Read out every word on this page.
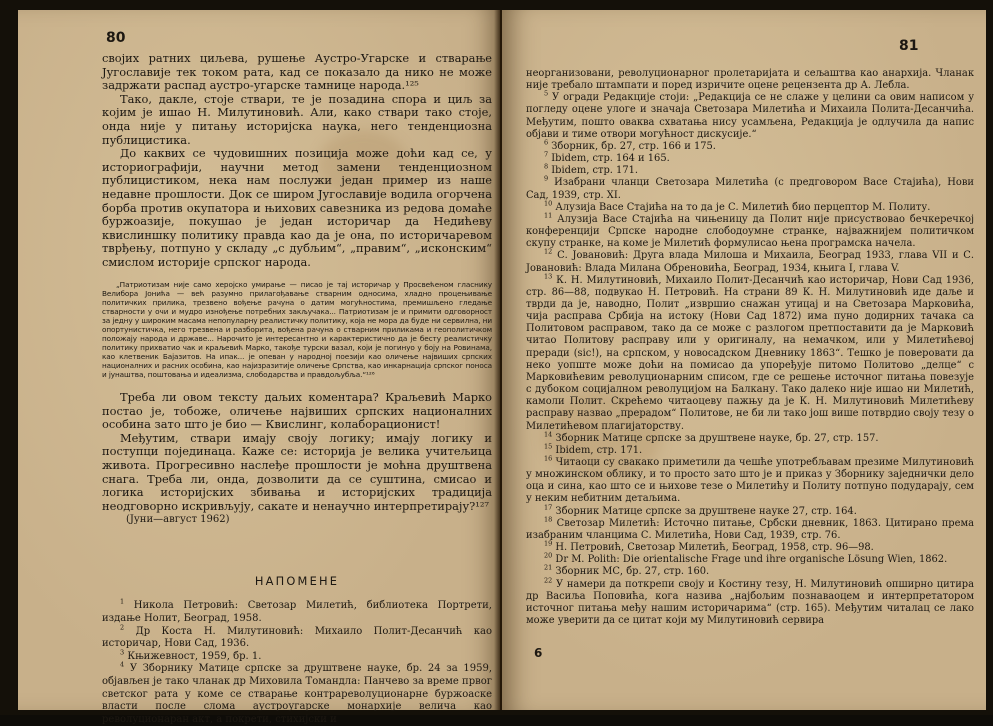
80

својих ратних циљева, рушење Аустро-Угарске и стварање Југославије тек током рата, кад се показало да нико не може задржати распад аустро-угарске тамнице народа.¹²⁵

Тако, дакле, стоје ствари, те је позадина спора и циљ за којим је ишао Н. Милутиновић. Али, како ствари тако стоје, онда није у питању историјска наука, него тенденциозна публицистика.

До каквих се чудовишних позиција може доћи кад се, у историографији, научни метод замени тенденциозном публицистиком, нека нам послужи један пример из наше недавне прошлости. Док се широм Југославије водила огорчена борба против окупатора и њихових савезника из редова домаће буржоазије, покушао је један историчар да Недићеву квислиншку политику правда као да је она, по историчаревом тврђењу, потпуно у складу „с дубљим“, „правим“, „исконским“ смислом историје српског народа.

„Патриотизам није само херојско умирање — писао је тај историчар у Просвећеном гласнику Велибора Јонића — већ разумно прилагођавање стварним односима, хладно процењивање политичких прилика, трезвено вођење рачуна о датим могућностима, премишљено гледање стварности у очи и мудро изнођење потребних закључака... Патриотизам је и примити одговорност за једну у широким масама непопуларну реалистичку политику, која не мора да буде ни сервилна, ни опортунистичка, него трезвена и разборита, вођена рачуна о стварним приликама и геополитичком положају народа и државе... Нарочито је интересантно и карактеристично да је бесту реалистичку политику прихватио чак и краљевић Марко, такође турски вазал, који је погинуо у боју на Ровинама, као клетвеник Бајазитов. На ипак... је опеван у народној поезији као оличење највиших српских националних и расних особина, као најизразитије оличење Српства, као инкарнација српског поноса и јунаштва, поштовања и идеализма, слободарства и правдољубља.“¹²⁶

Треба ли овом тексту даљих коментара? Краљевић Марко постао је, тобоже, оличење највиших српских националних особина зато што је био — Квислинг, колаборационист!

Међутим, ствари имају своју логику; имају логику и поступци појединаца. Каже се: историја је велика учитељица живота. Прогресивно наслеђе прошлости је моћна друштвена снага. Треба ли, онда, дозволити да се суштина, смисао и логика историјских збивања и историјских традиција неодговорно искривљују, сакате и ненаучно интерпретирају?¹²⁷

(Јуни—август 1962)

НАПОМЕНЕ

$^1$ Никола Петровић: Светозар Милетић, библиотека Портрети, издање Нолит, Београд, 1958.

$^2$ Др Коста Н. Милутиновић: Михаило Полит-Десанчић као историчар, Нови Сад, 1936.

$^3$ Књижевност, 1959, бр. 1.

$^4$ У Зборнику Матице српске за друштвене науке, бр. 24 за 1959, објављен је такo чланак др Миховила Томандла: Панчево за време првог светског рата у коме се стварање контрареволуционарне буржоаске власти после слома аустроугарске монархије велича као револуционаран акт, а покрети, стихијски и

81

неорганизовани, револуционарног пролетаријата и сељаштва као анархија. Чланак није требало штампати и поред изричите оцене рецензента др А. Лебла.

$^5$ У огради Редакције стоји: „Редакција се не слаже у целини са овим написом у погледу оцене улоге и значаја Светозара Милетића и Михаила Полита-Десанчића. Међутим, пошто оваква схватања нису усамљена, Редакција је одлучила да напис објави и тиме отвори могућност дискусије.“

$^6$ Зборник, бр. 27, стр. 166 и 175.

$^7$ Ibidem, стр. 164 и 165.

$^8$ Ibidem, стр. 171.

$^9$ Изабрани чланци Светозара Милетића (с предговором Васе Стајића), Нови Сад, 1939, стр. XI.

$^{10}$ Алузија Васе Стајића на то да је С. Милетић био перцептор М. Политу.

$^{11}$ Алузија Васе Стајића на чињеницу да Полит није присуствовао бечкеречкој конференцији Српске народне слободоумне странке, најважнијем политичком скупу странке, на коме је Милетић формулисао њена програмска начела.

$^{12}$ С. Јовановић: Друга влада Милоша и Михаила, Београд 1933, глава VII и С. Јовановић: Влада Милана Обреновића, Београд, 1934, књига I, глава V.

$^{13}$ К. Н. Милутиновић, Михаило Полит-Десанчић као историчар, Нови Сад 1936, стр. 86—88, подвукао Н. Петровић. На страни 89 К. Н. Милутиновић иде даље и тврди да је, наводно, Полит „извршио снажан утицај и на Светозара Марковића, чија расправа Србија на истоку (Нови Сад 1872) има пуно додирних тачака са Политовом расправом, тако да се може с разлогом претпоставити да је Марковић читао Политову расправу или у оригиналу, на немачком, или у Милетићевој преради (sic!), на српском, у новосадском Дневнику 1863“. Тешко је поверовати да неко уопште може доћи на помисао да упоређује питомо Политово „делце“ с Марковићевим револуционарним списом, где се решење источног питања повезује с дубоком социјалном револуцијом на Балкану. Тако далеко није ишао ни Милетић, камоли Полит. Скрећемо читаоцеву пажњу да је К. Н. Милутиновић Милетићеву расправу назвао „прерадом“ Политове, не би ли тако још више потврдио своју тезу о Милетићевом плагијаторству.

$^{14}$ Зборник Матице српске за друштвене науке, бр. 27, стр. 157.

$^{15}$ Ibidem, стр. 171.

$^{16}$ Читаоци су свакако приметили да чешће употребљавам презиме Милутиновић у множинском облику, и то просто зато што је и приказ у Зборнику заједнички дело оца и сина, као што се и њихове тезе о Милетићу и Политу потпуно подударају, сем у неким небитним детаљима.

$^{17}$ Зборник Матице српске за друштвене науке 27, стр. 164.

$^{18}$ Светозар Милетић: Источно питање, Србски дневник, 1863. Цитирано према изабраним чланцима С. Милетића, Нови Сад, 1939, стр. 76.

$^{19}$ Н. Петровић, Светозар Милетић, Београд, 1958, стр. 96—98.

$^{20}$ Dr M. Polith: Die orientalische Frage und ihre organische Lösung Wien, 1862.

$^{21}$ Зборник МС, бр. 27, стр. 160.

$^{22}$ У намери да поткрепи своју и Костину тезу, Н. Милутиновић опширно цитира др Васиља Поповића, кога назива „најбољим познаваоцем и интерпретатором источног питања међу нашим историчарима“ (стр. 165). Међутим читалац се лако може уверити да се цитат који му Милутиновић сервира

6
